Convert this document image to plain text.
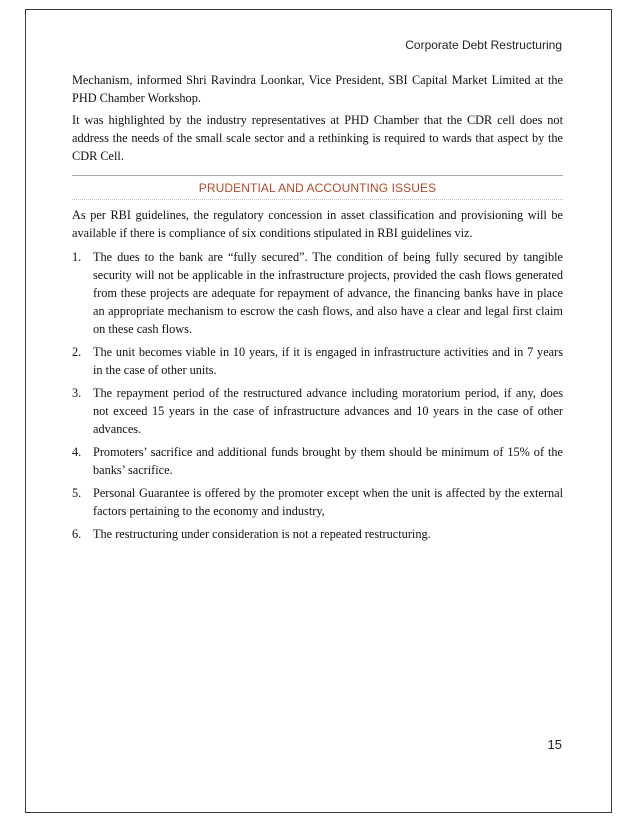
Corporate Debt Restructuring

Mechanism, informed Shri Ravindra Loonkar, Vice President, SBI Capital Market Limited at the PHD Chamber Workshop.

It was highlighted by the industry representatives at PHD Chamber that the CDR cell does not address the needs of the small scale sector and a rethinking is required to wards that aspect by the CDR Cell.

PRUDENTIAL AND ACCOUNTING ISSUES

As per RBI guidelines, the regulatory concession in asset classification and provisioning will be available if there is compliance of six conditions stipulated in RBI guidelines viz.

1. The dues to the bank are “fully secured”. The condition of being fully secured by tangible security will not be applicable in the infrastructure projects, provided the cash flows generated from these projects are adequate for repayment of advance, the financing banks have in place an appropriate mechanism to escrow the cash flows, and also have a clear and legal first claim on these cash flows.
2. The unit becomes viable in 10 years, if it is engaged in infrastructure activities and in 7 years in the case of other units.
3. The repayment period of the restructured advance including moratorium period, if any, does not exceed 15 years in the case of infrastructure advances and 10 years in the case of other advances.
4. Promoters’ sacrifice and additional funds brought by them should be minimum of 15% of the banks’ sacrifice.
5. Personal Guarantee is offered by the promoter except when the unit is affected by the external factors pertaining to the economy and industry,
6. The restructuring under consideration is not a repeated restructuring.
15
